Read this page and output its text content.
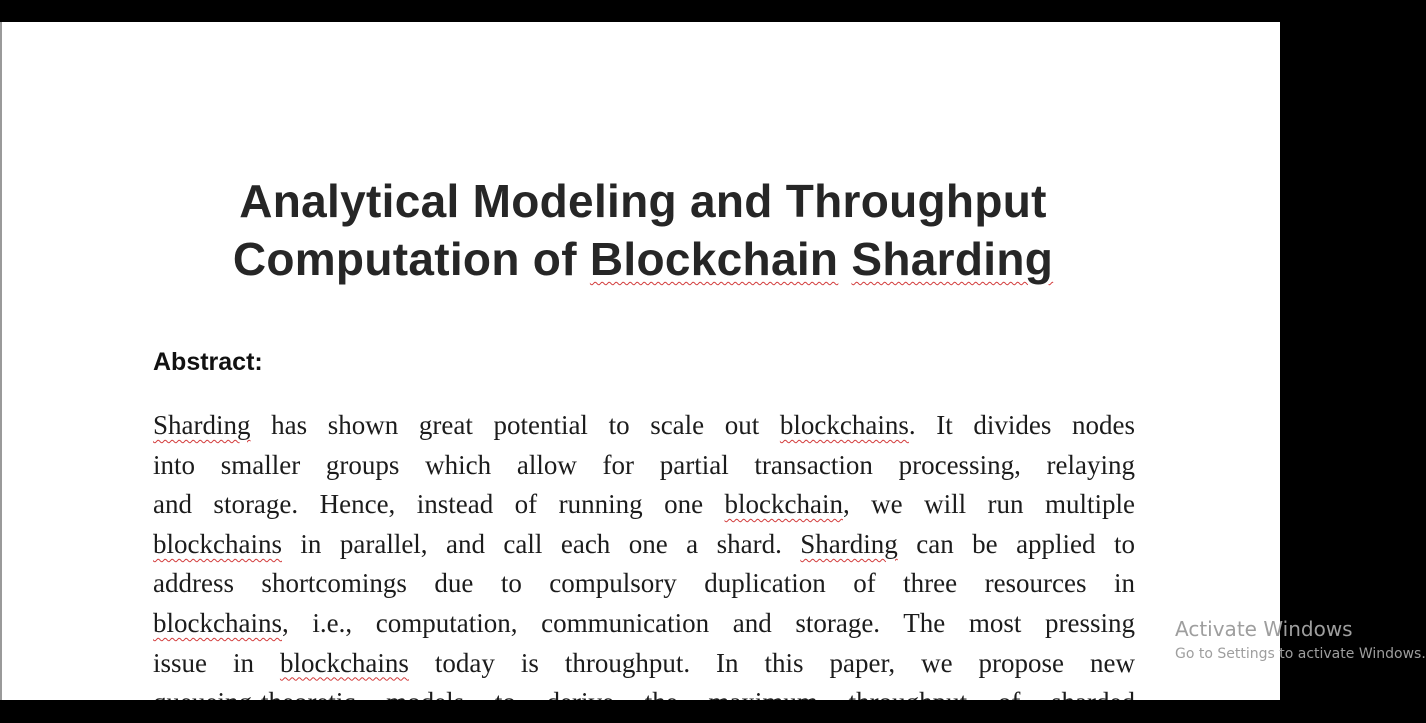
Analytical Modeling and Throughput
Computation of Blockchain Sharding
Abstract:
Sharding has shown great potential to scale out blockchains. It divides nodes
into smaller groups which allow for partial transaction processing, relaying
and storage. Hence, instead of running one blockchain, we will run multiple
blockchains in parallel, and call each one a shard. Sharding can be applied to
address shortcomings due to compulsory duplication of three resources in
blockchains, i.e., computation, communication and storage. The most pressing
issue in blockchains today is throughput. In this paper, we propose new
Activate Windows
Go to Settings to activate Windows.
